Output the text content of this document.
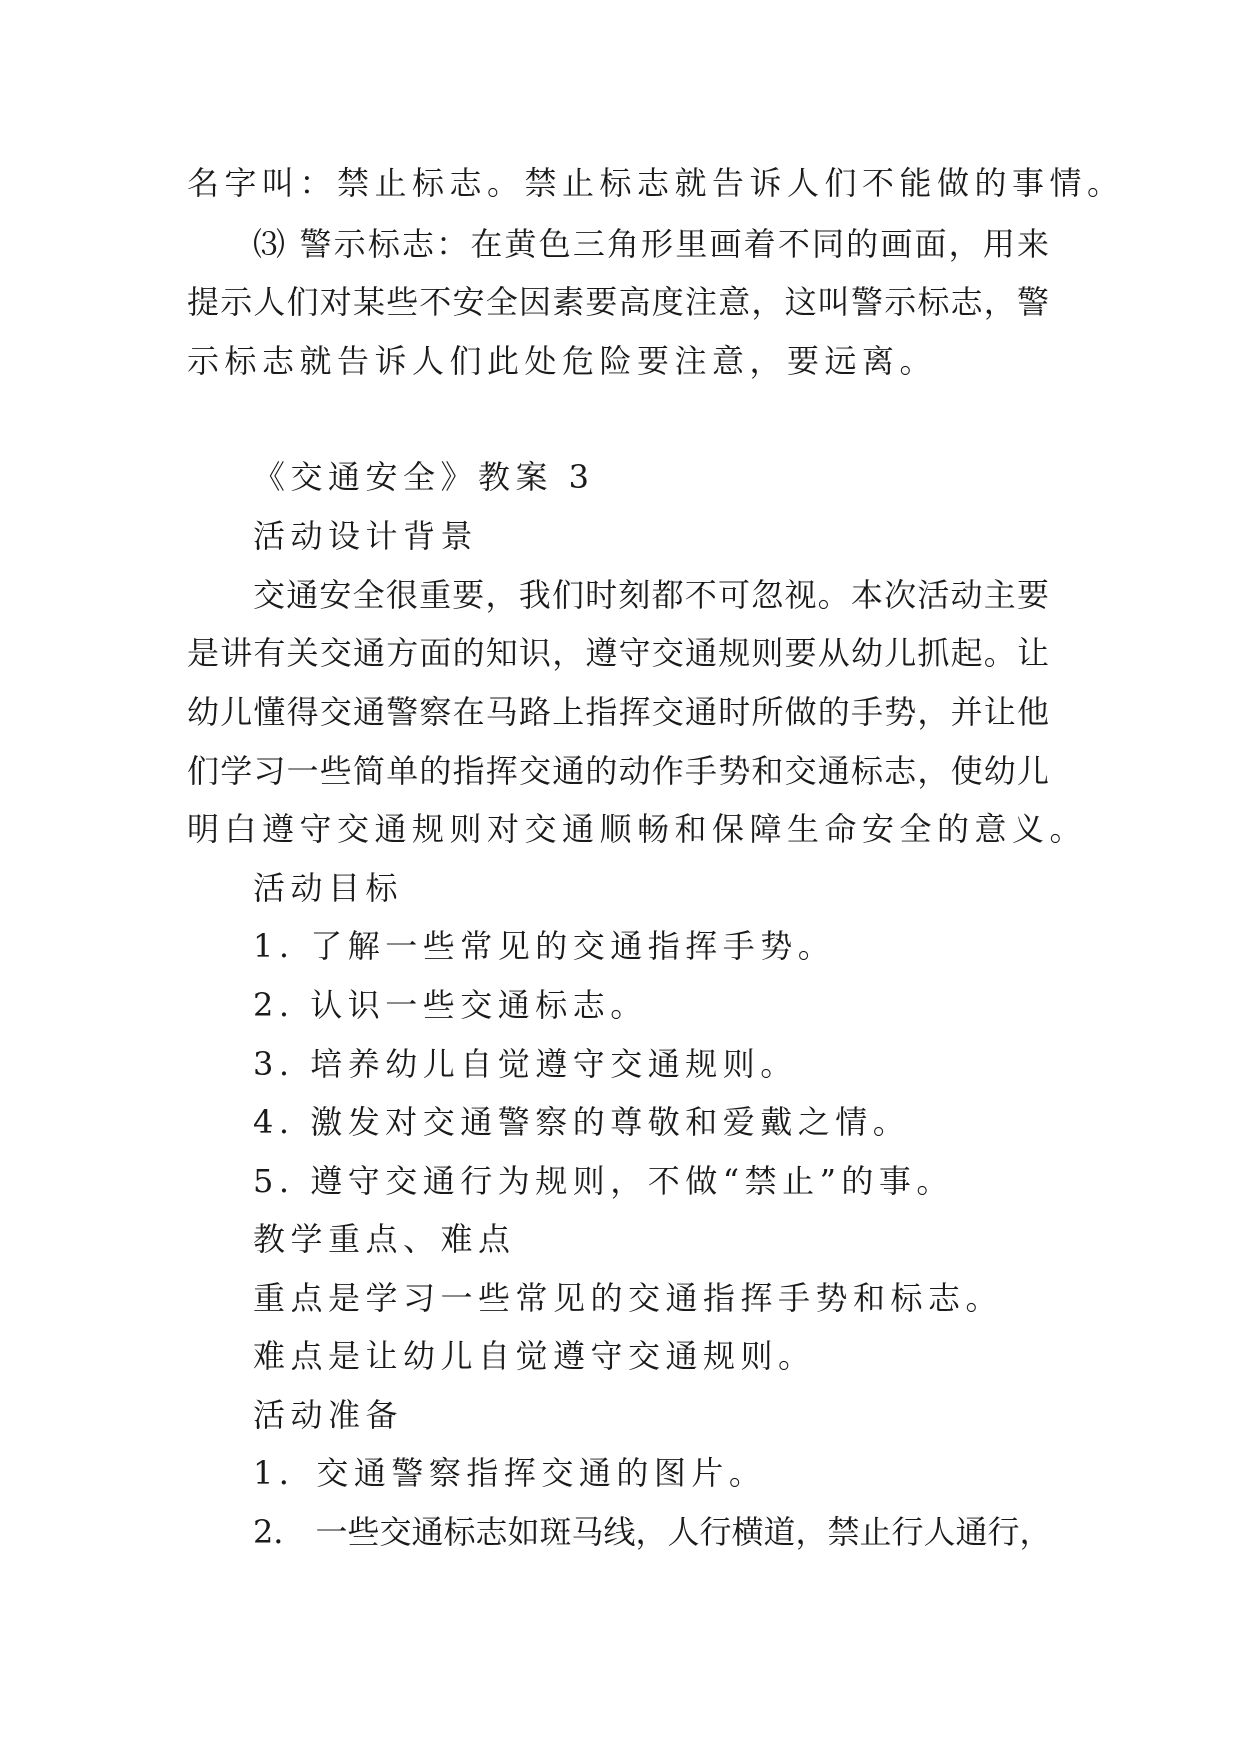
名字叫：禁止标志。禁止标志就告诉人们不能做的事情。

⑶ 警示标志：在黄色三角形里画着不同的画面，用来

提示人们对某些不安全因素要高度注意，这叫警示标志，警

示标志就告诉人们此处危险要注意，要远离。

《交通安全》教案 3

活动设计背景

交通安全很重要，我们时刻都不可忽视。本次活动主要

是讲有关交通方面的知识，遵守交通规则要从幼儿抓起。让

幼儿懂得交通警察在马路上指挥交通时所做的手势，并让他

们学习一些简单的指挥交通的动作手势和交通标志，使幼儿

明白遵守交通规则对交通顺畅和保障生命安全的意义。

活动目标

1. 了解一些常见的交通指挥手势。

2. 认识一些交通标志。

3. 培养幼儿自觉遵守交通规则。

4. 激发对交通警察的尊敬和爱戴之情。

5. 遵守交通行为规则，不做“禁止”的事。

教学重点、难点

重点是学习一些常见的交通指挥手势和标志。

难点是让幼儿自觉遵守交通规则。

活动准备

1．交通警察指挥交通的图片。

2． 一些交通标志如斑马线，人行横道，禁止行人通行，
